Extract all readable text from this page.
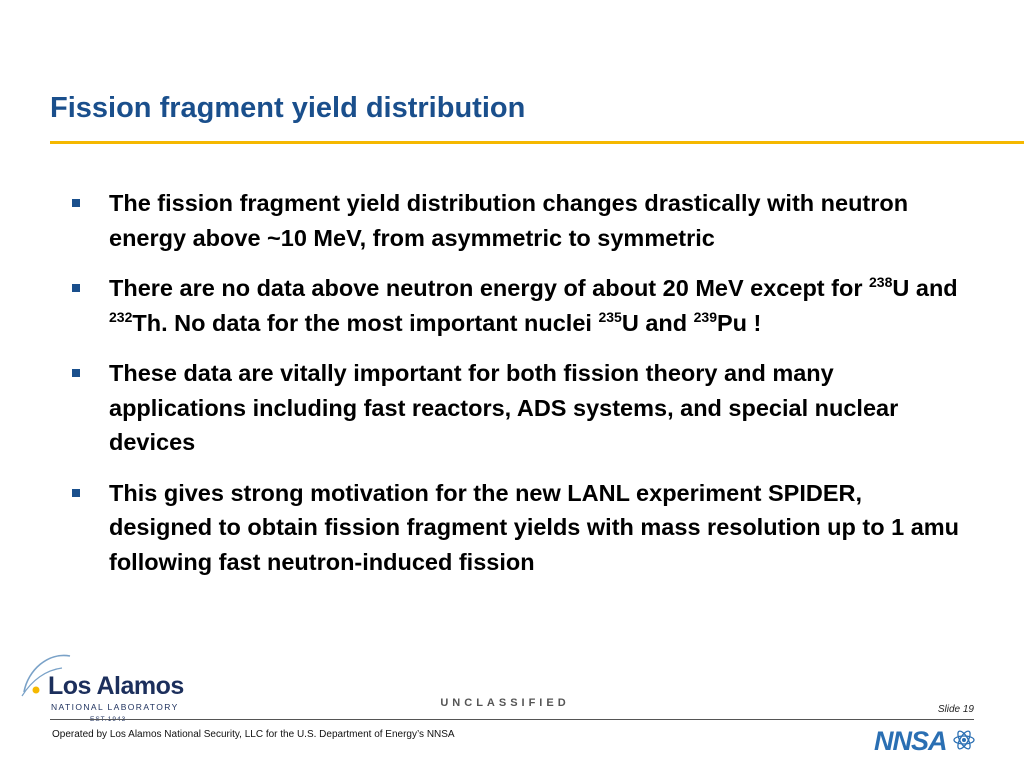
Fission fragment yield distribution
The fission fragment yield distribution changes drastically with neutron energy above ~10 MeV, from asymmetric to symmetric
There are no data above neutron energy of about 20 MeV except for $^{238}$U and $^{232}$Th. No data for the most important nuclei $^{235}$U and $^{239}$Pu !
These data are vitally important for both fission theory and many applications including fast reactors, ADS systems, and special nuclear devices
This gives strong motivation for the new LANL experiment SPIDER, designed to obtain fission fragment yields with mass resolution up to 1 amu following fast neutron-induced fission
Los Alamos
NATIONAL LABORATORY	UNCLASSIFIED
Slide 19
Operated by Los Alamos National Security, LLC for the U.S. Department of Energy’s NNSA	NNSA
